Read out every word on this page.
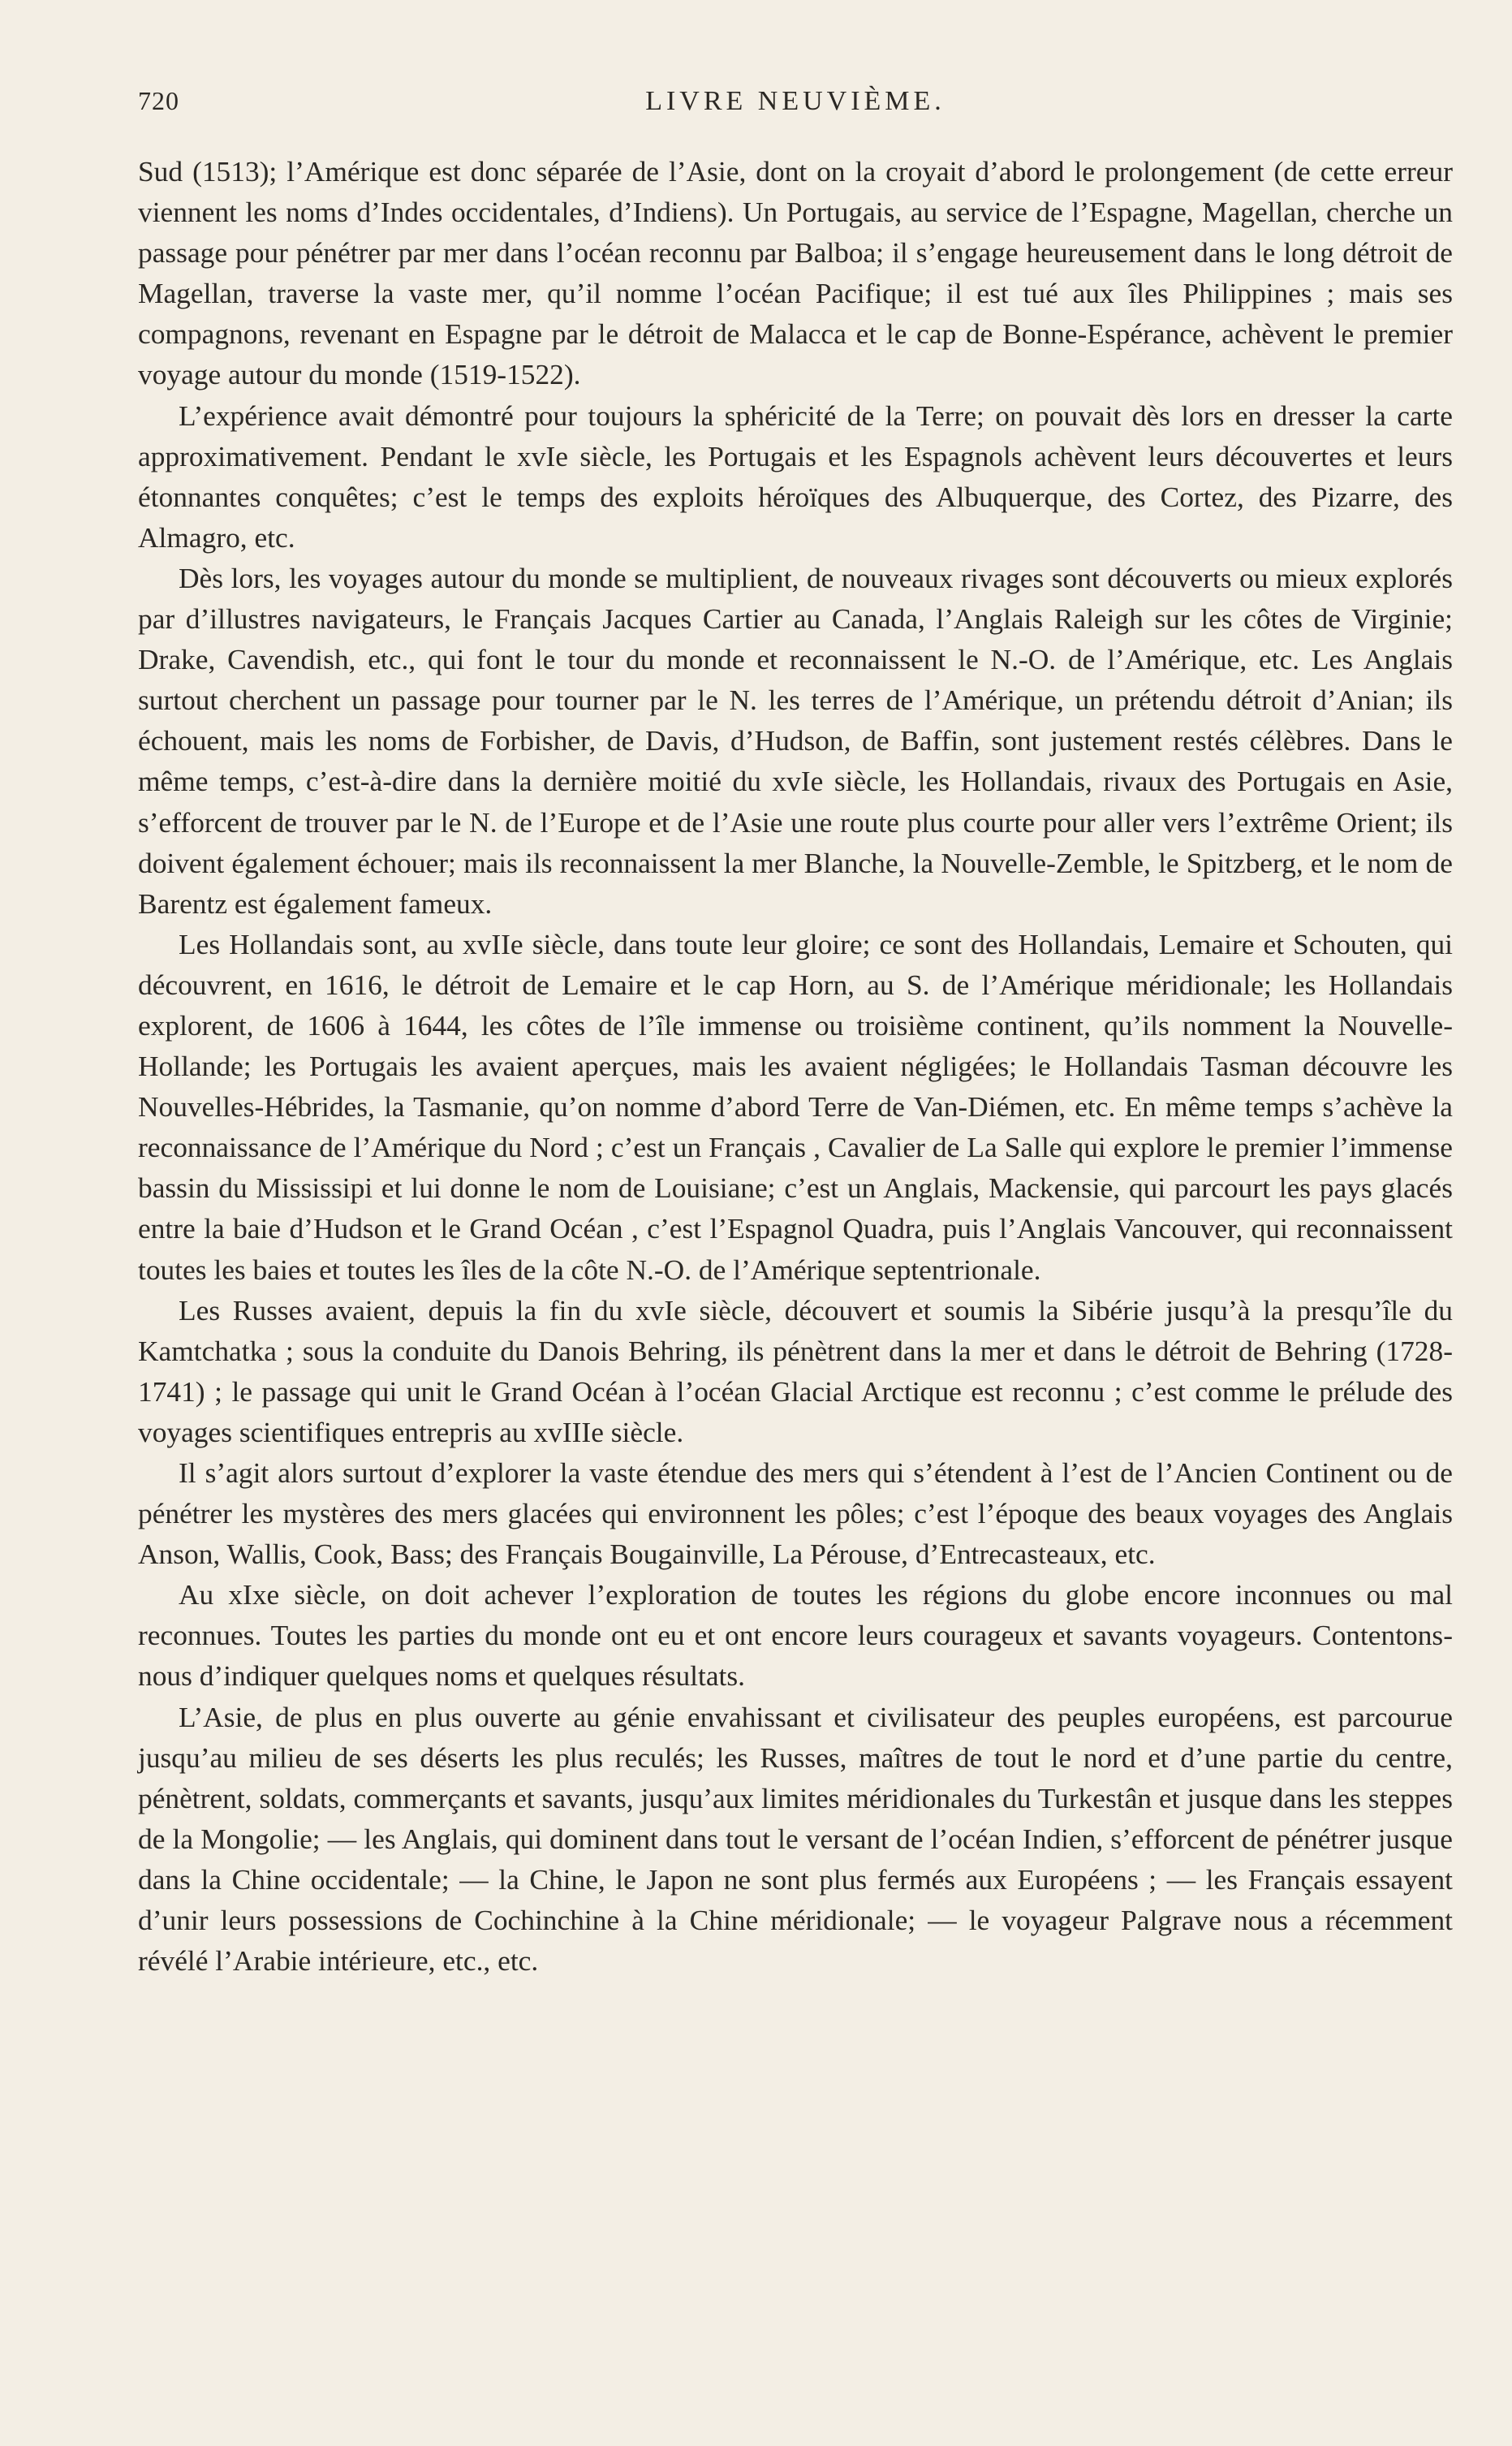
720	LIVRE NEUVIÈME.

Sud (1513); l’Amérique est donc séparée de l’Asie, dont on la croyait d’abord le prolongement (de cette erreur viennent les noms d’Indes occidentales, d’Indiens). Un Portugais, au service de l’Espagne, Magellan, cherche un passage pour pénétrer par mer dans l’océan reconnu par Balboa; il s’engage heureusement dans le long détroit de Magellan, traverse la vaste mer, qu’il nomme l’océan Pacifique; il est tué aux îles Philippines ; mais ses compagnons, revenant en Espagne par le détroit de Malacca et le cap de Bonne-Espérance, achèvent le premier voyage autour du monde (1519-1522).

L’expérience avait démontré pour toujours la sphéricité de la Terre; on pouvait dès lors en dresser la carte approximativement. Pendant le xvIe siècle, les Portugais et les Espagnols achèvent leurs découvertes et leurs étonnantes conquêtes; c’est le temps des exploits héroïques des Albuquerque, des Cortez, des Pizarre, des Almagro, etc.

Dès lors, les voyages autour du monde se multiplient, de nouveaux rivages sont découverts ou mieux explorés par d’illustres navigateurs, le Français Jacques Cartier au Canada, l’Anglais Raleigh sur les côtes de Virginie; Drake, Cavendish, etc., qui font le tour du monde et reconnaissent le N.-O. de l’Amérique, etc. Les Anglais surtout cherchent un passage pour tourner par le N. les terres de l’Amérique, un prétendu détroit d’Anian; ils échouent, mais les noms de Forbisher, de Davis, d’Hudson, de Baffin, sont justement restés célèbres. Dans le même temps, c’est-à-dire dans la dernière moitié du xvIe siècle, les Hollandais, rivaux des Portugais en Asie, s’efforcent de trouver par le N. de l’Europe et de l’Asie une route plus courte pour aller vers l’extrême Orient; ils doivent également échouer; mais ils reconnaissent la mer Blanche, la Nouvelle-Zemble, le Spitzberg, et le nom de Barentz est également fameux.

Les Hollandais sont, au xvIIe siècle, dans toute leur gloire; ce sont des Hollandais, Lemaire et Schouten, qui découvrent, en 1616, le détroit de Lemaire et le cap Horn, au S. de l’Amérique méridionale; les Hollandais explorent, de 1606 à 1644, les côtes de l’île immense ou troisième continent, qu’ils nomment la Nouvelle-Hollande; les Portugais les avaient aperçues, mais les avaient négligées; le Hollandais Tasman découvre les Nouvelles-Hébrides, la Tasmanie, qu’on nomme d’abord Terre de Van-Diémen, etc. En même temps s’achève la reconnaissance de l’Amérique du Nord ; c’est un Français , Cavalier de La Salle qui explore le premier l’immense bassin du Mississipi et lui donne le nom de Louisiane; c’est un Anglais, Mackensie, qui parcourt les pays glacés entre la baie d’Hudson et le Grand Océan , c’est l’Espagnol Quadra, puis l’Anglais Vancouver, qui reconnaissent toutes les baies et toutes les îles de la côte N.-O. de l’Amérique septentrionale.

Les Russes avaient, depuis la fin du xvIe siècle, découvert et soumis la Sibérie jusqu’à la presqu’île du Kamtchatka ; sous la conduite du Danois Behring, ils pénètrent dans la mer et dans le détroit de Behring (1728-1741) ; le passage qui unit le Grand Océan à l’océan Glacial Arctique est reconnu ; c’est comme le prélude des voyages scientifiques entrepris au xvIIIe siècle.

Il s’agit alors surtout d’explorer la vaste étendue des mers qui s’étendent à l’est de l’Ancien Continent ou de pénétrer les mystères des mers glacées qui environnent les pôles; c’est l’époque des beaux voyages des Anglais Anson, Wallis, Cook, Bass; des Français Bougainville, La Pérouse, d’Entrecasteaux, etc.

Au xIxe siècle, on doit achever l’exploration de toutes les régions du globe encore inconnues ou mal reconnues. Toutes les parties du monde ont eu et ont encore leurs courageux et savants voyageurs. Contentons-nous d’indiquer quelques noms et quelques résultats.

L’Asie, de plus en plus ouverte au génie envahissant et civilisateur des peuples européens, est parcourue jusqu’au milieu de ses déserts les plus reculés; les Russes, maîtres de tout le nord et d’une partie du centre, pénètrent, soldats, commerçants et savants, jusqu’aux limites méridionales du Turkestân et jusque dans les steppes de la Mongolie; — les Anglais, qui dominent dans tout le versant de l’océan Indien, s’efforcent de pénétrer jusque dans la Chine occidentale; — la Chine, le Japon ne sont plus fermés aux Européens ; — les Français essayent d’unir leurs possessions de Cochinchine à la Chine méridionale; — le voyageur Palgrave nous a récemment révélé l’Arabie intérieure, etc., etc.
